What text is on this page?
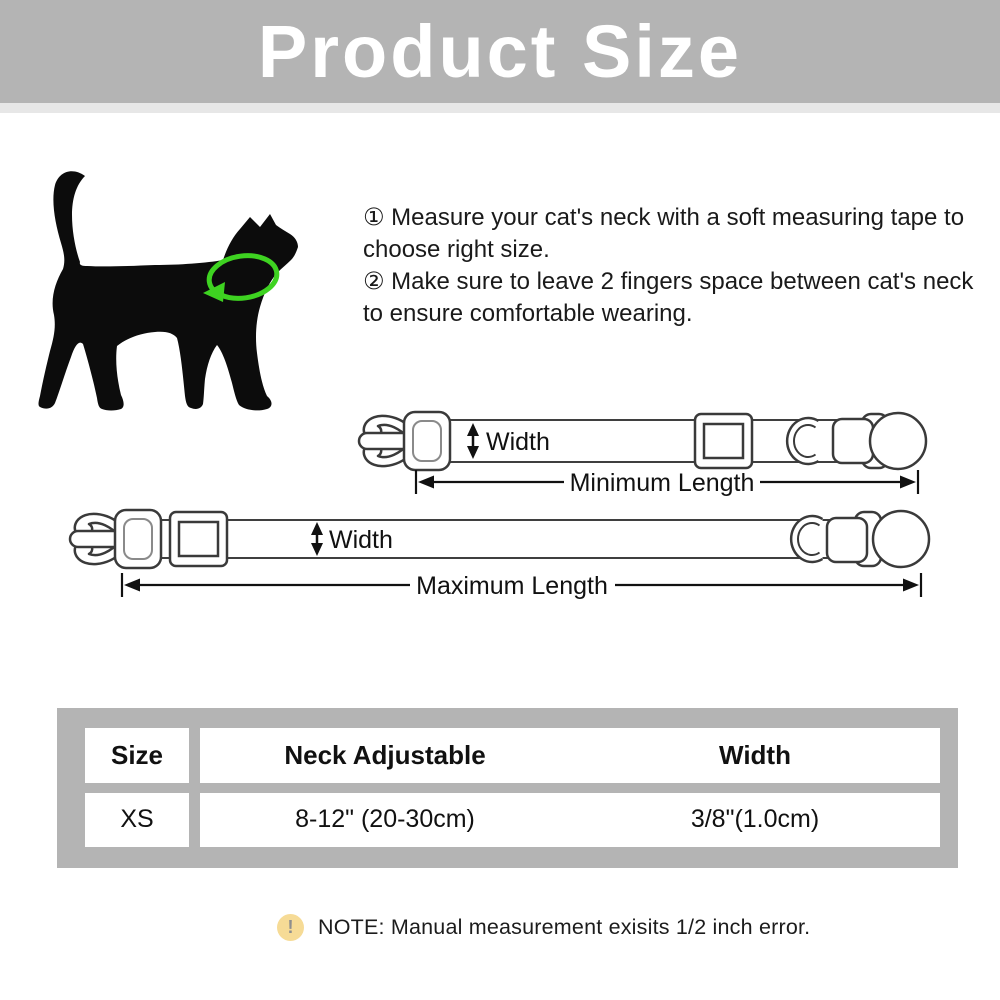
Product Size
① Measure your cat's neck with a soft measuring tape to
choose right size.
② Make sure to leave 2 fingers space between cat's neck
to ensure comfortable wearing.
Width
Minimum Length
Width
Maximum Length
Size	Neck Adjustable	Width
XS	8-12" (20-30cm)	3/8"(1.0cm)
! NOTE: Manual measurement exisits 1/2 inch error.
